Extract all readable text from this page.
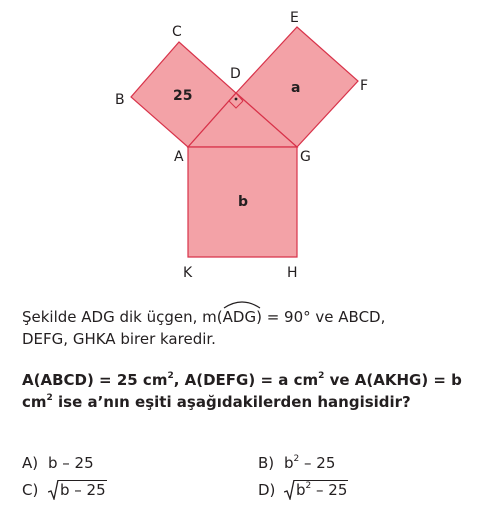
C
E
B
D
F
A	G
K	H
25	a
b
Şekilde ADG dik üçgen, m(
ADG) = 90° ve ABCD,
DEFG, GHKA birer karedir.
A(ABCD) = 25 $cm^2$, A(DEFG) = a $cm^2$ ve A(AKHG) = b
$cm^2$ ise a’nın eşiti aşağıdakilerden hangisidir?
A) b – 25	B) $b^2 - 25$
C) b – 25	D) $b^2 - 25$
